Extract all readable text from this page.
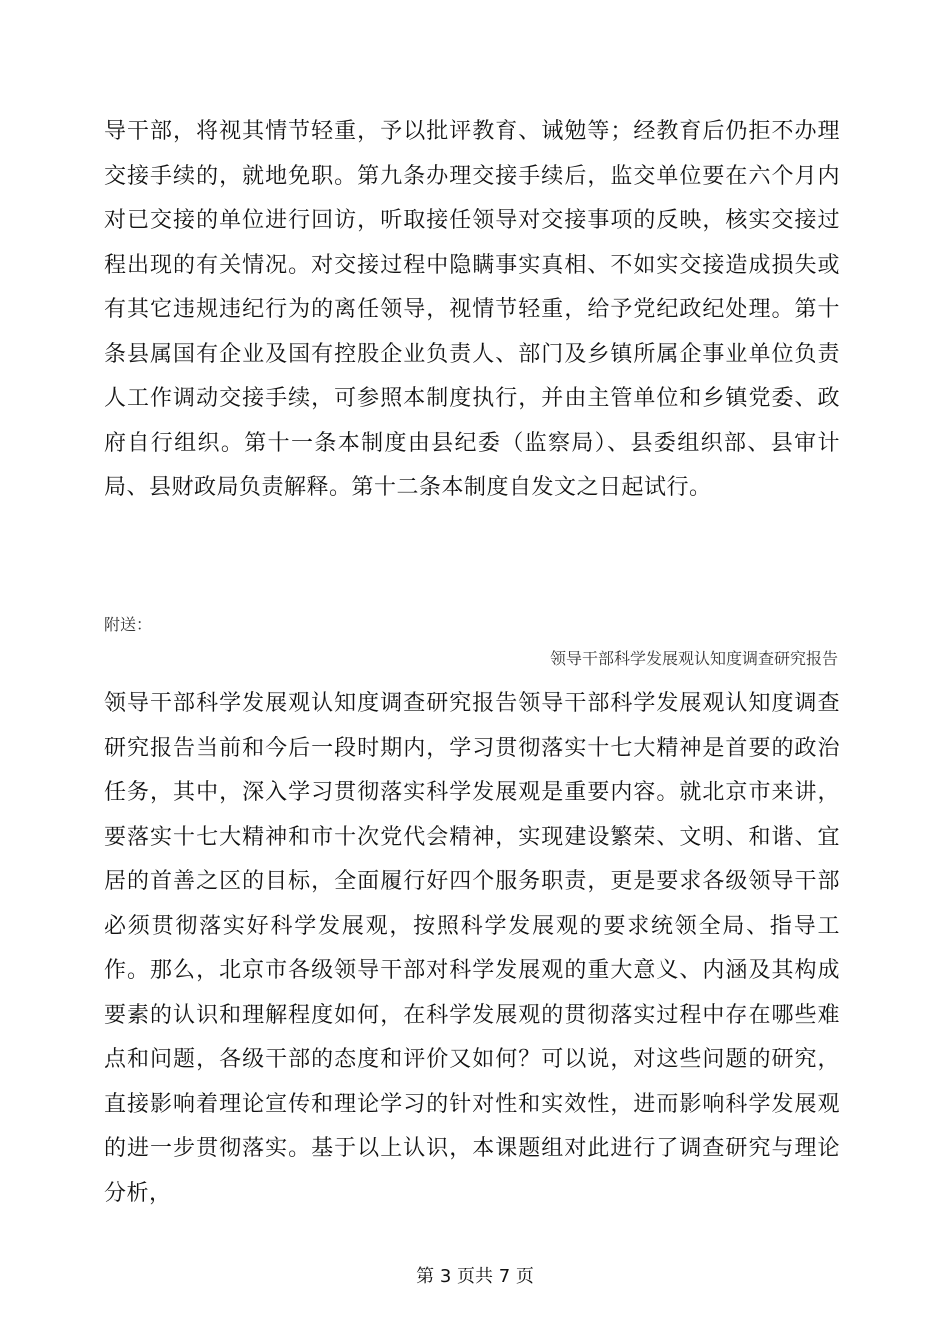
导干部，将视其情节轻重，予以批评教育、诫勉等；经教育后仍拒不办理交接手续的，就地免职。第九条办理交接手续后，监交单位要在六个月内对已交接的单位进行回访，听取接任领导对交接事项的反映，核实交接过程出现的有关情况。对交接过程中隐瞒事实真相、不如实交接造成损失或有其它违规违纪行为的离任领导，视情节轻重，给予党纪政纪处理。第十条县属国有企业及国有控股企业负责人、部门及乡镇所属企事业单位负责人工作调动交接手续，可参照本制度执行，并由主管单位和乡镇党委、政府自行组织。第十一条本制度由县纪委（监察局）、县委组织部、县审计局、县财政局负责解释。第十二条本制度自发文之日起试行。
附送：
领导干部科学发展观认知度调查研究报告
领导干部科学发展观认知度调查研究报告领导干部科学发展观认知度调查研究报告当前和今后一段时期内，学习贯彻落实十七大精神是首要的政治任务，其中，深入学习贯彻落实科学发展观是重要内容。就北京市来讲，要落实十七大精神和市十次党代会精神，实现建设繁荣、文明、和谐、宜居的首善之区的目标，全面履行好四个服务职责，更是要求各级领导干部必须贯彻落实好科学发展观，按照科学发展观的要求统领全局、指导工作。那么，北京市各级领导干部对科学发展观的重大意义、内涵及其构成要素的认识和理解程度如何，在科学发展观的贯彻落实过程中存在哪些难点和问题，各级干部的态度和评价又如何？可以说，对这些问题的研究，直接影响着理论宣传和理论学习的针对性和实效性，进而影响科学发展观的进一步贯彻落实。基于以上认识，本课题组对此进行了调查研究与理论分析，
第 3 页共 7 页
